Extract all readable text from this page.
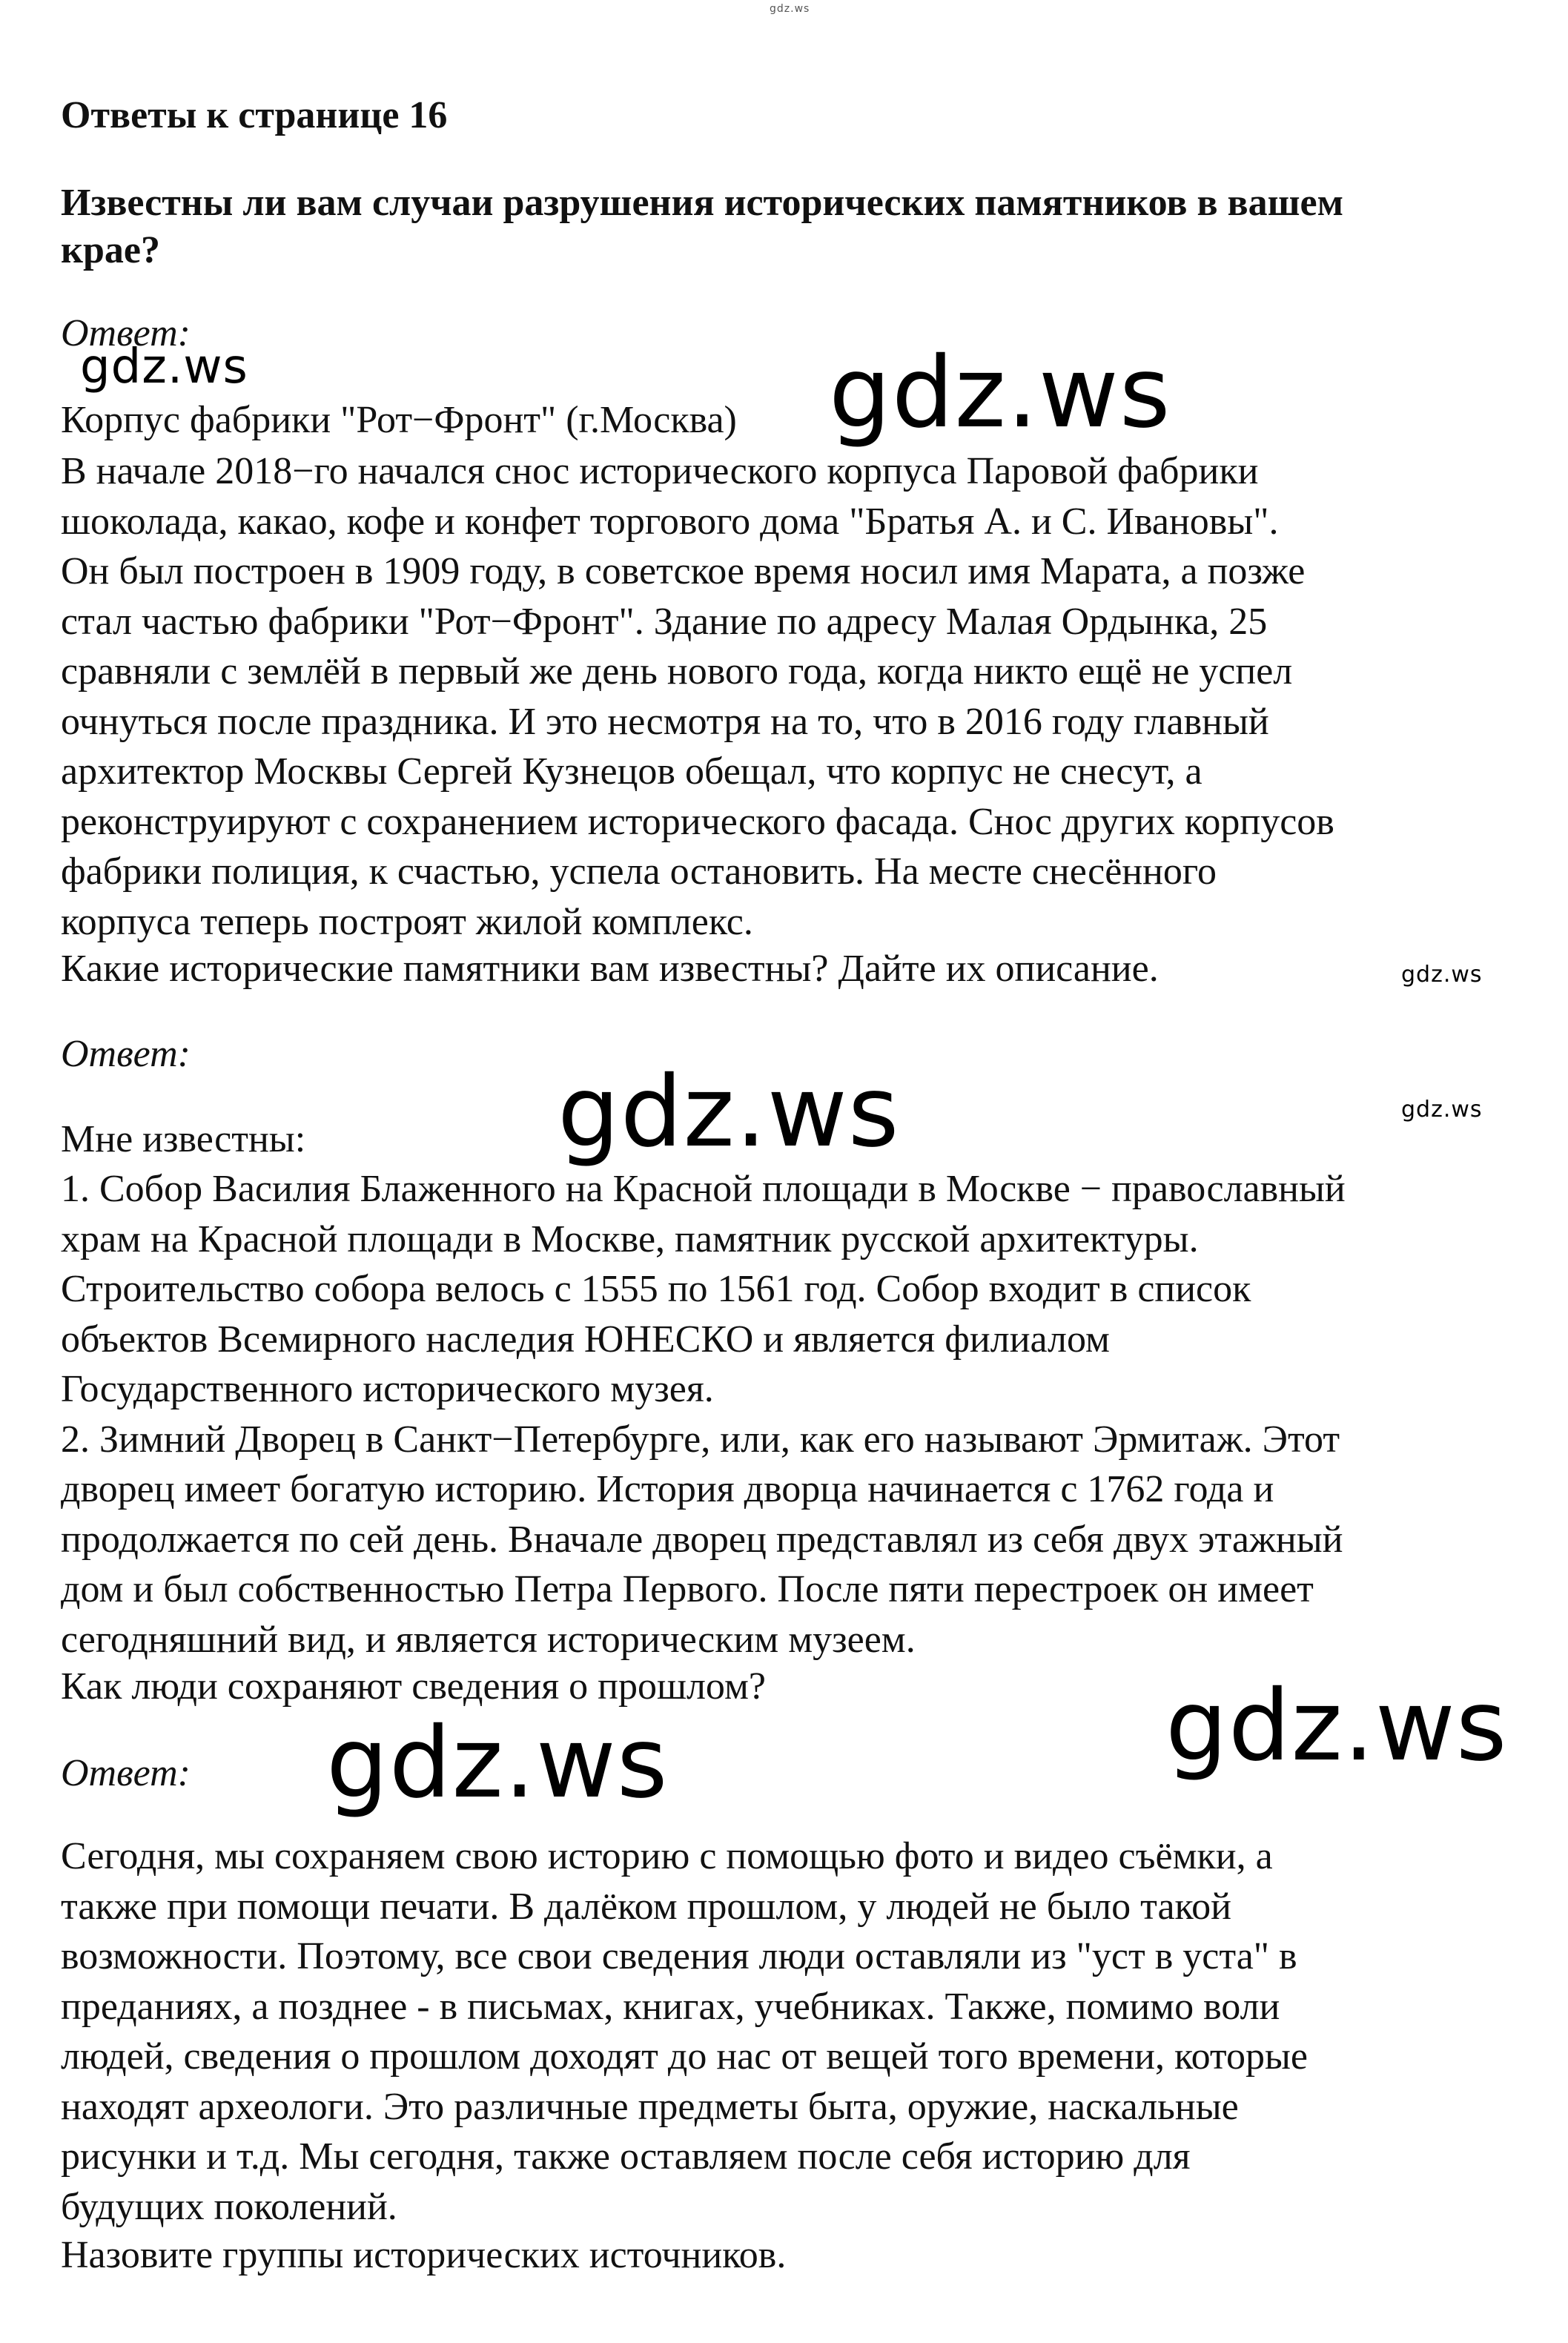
gdz.ws
Ответы к странице 16
Известны ли вам случаи разрушения исторических памятников в вашем
крае?
Ответ:
gdz.ws
Корпус фабрики "Рот−Фронт" (г.Москва) gdz.ws
В начале 2018−го начался снос исторического корпуса Паровой фабрики
шоколада, какао, кофе и конфет торгового дома "Братья А. и С. Ивановы".
Он был построен в 1909 году, в советское время носил имя Марата, а позже
стал частью фабрики "Рот−Фронт". Здание по адресу Малая Ордынка, 25
сравняли с землёй в первый же день нового года, когда никто ещё не успел
очнуться после праздника. И это несмотря на то, что в 2016 году главный
архитектор Москвы Сергей Кузнецов обещал, что корпус не снесут, а
реконструируют с сохранением исторического фасада. Снос других корпусов
фабрики полиция, к счастью, успела остановить. На месте снесённого
корпуса теперь построят жилой комплекс.
Какие исторические памятники вам известны? Дайте их описание.	gdz.ws
Ответ:
gdz.ws	gdz.ws
Мне известны:
1. Собор Василия Блаженного на Красной площади в Москве − православный
храм на Красной площади в Москве, памятник русской архитектуры.
Строительство собора велось с 1555 по 1561 год. Собор входит в список
объектов Всемирного наследия ЮНЕСКО и является филиалом
Государственного исторического музея.
2. Зимний Дворец в Санкт−Петербурге, или, как его называют Эрмитаж. Этот
дворец имеет богатую историю. История дворца начинается с 1762 года и
продолжается по сей день. Вначале дворец представлял из себя двух этажный
дом и был собственностью Петра Первого. После пяти перестроек он имеет
сегодняшний вид, и является историческим музеем.
Как люди сохраняют сведения о прошлом?	gdz.ws
Ответ: gdz.ws
Сегодня, мы сохраняем свою историю с помощью фото и видео съёмки, а
также при помощи печати. В далёком прошлом, у людей не было такой
возможности. Поэтому, все свои сведения люди оставляли из "уст в уста" в
преданиях, а позднее - в письмах, книгах, учебниках. Также, помимо воли
людей, сведения о прошлом доходят до нас от вещей того времени, которые
находят археологи. Это различные предметы быта, оружие, наскальные
рисунки и т.д. Мы сегодня, также оставляем после себя историю для
будущих поколений.
Назовите группы исторических источников.
